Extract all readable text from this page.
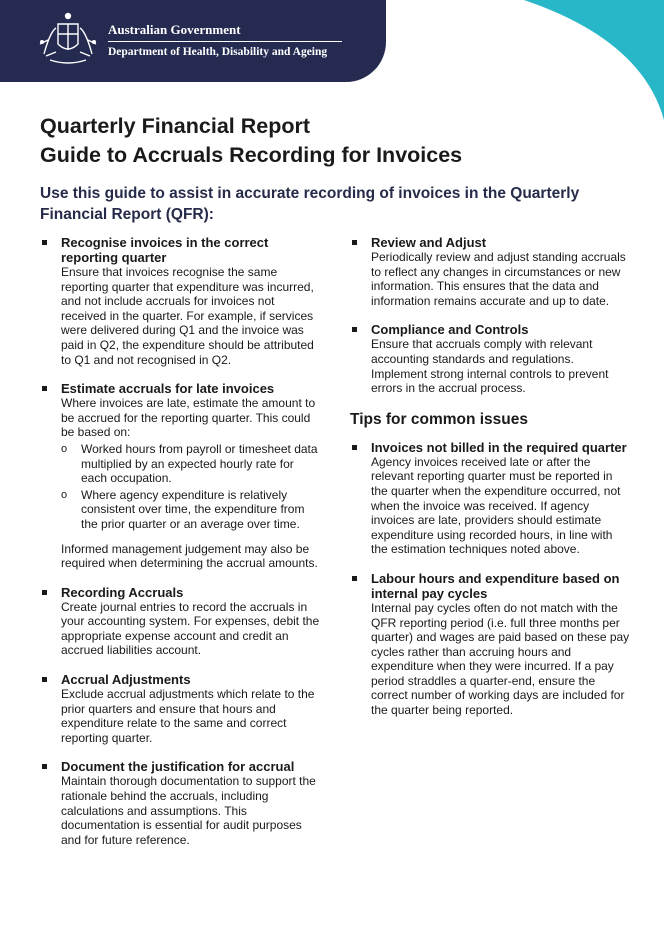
Australian Government
Department of Health, Disability and Ageing
Quarterly Financial Report
Guide to Accruals Recording for Invoices
Use this guide to assist in accurate recording of invoices in the Quarterly Financial Report (QFR):
Recognise invoices in the correct reporting quarter
Ensure that invoices recognise the same reporting quarter that expenditure was incurred, and not include accruals for invoices not received in the quarter. For example, if services were delivered during Q1 and the invoice was paid in Q2, the expenditure should be attributed to Q1 and not recognised in Q2.
Estimate accruals for late invoices
Where invoices are late, estimate the amount to be accrued for the reporting quarter. This could be based on:
o Worked hours from payroll or timesheet data multiplied by an expected hourly rate for each occupation.
o Where agency expenditure is relatively consistent over time, the expenditure from the prior quarter or an average over time.
Informed management judgement may also be required when determining the accrual amounts.
Recording Accruals
Create journal entries to record the accruals in your accounting system. For expenses, debit the appropriate expense account and credit an accrued liabilities account.
Accrual Adjustments
Exclude accrual adjustments which relate to the prior quarters and ensure that hours and expenditure relate to the same and correct reporting quarter.
Document the justification for accrual
Maintain thorough documentation to support the rationale behind the accruals, including calculations and assumptions. This documentation is essential for audit purposes and for future reference.
Review and Adjust
Periodically review and adjust standing accruals to reflect any changes in circumstances or new information. This ensures that the data and information remains accurate and up to date.
Compliance and Controls
Ensure that accruals comply with relevant accounting standards and regulations. Implement strong internal controls to prevent errors in the accrual process.
Tips for common issues
Invoices not billed in the required quarter
Agency invoices received late or after the relevant reporting quarter must be reported in the quarter when the expenditure occurred, not when the invoice was received. If agency invoices are late, providers should estimate expenditure using recorded hours, in line with the estimation techniques noted above.
Labour hours and expenditure based on internal pay cycles
Internal pay cycles often do not match with the QFR reporting period (i.e. full three months per quarter) and wages are paid based on these pay cycles rather than accruing hours and expenditure when they were incurred. If a pay period straddles a quarter-end, ensure the correct number of working days are included for the quarter being reported.
